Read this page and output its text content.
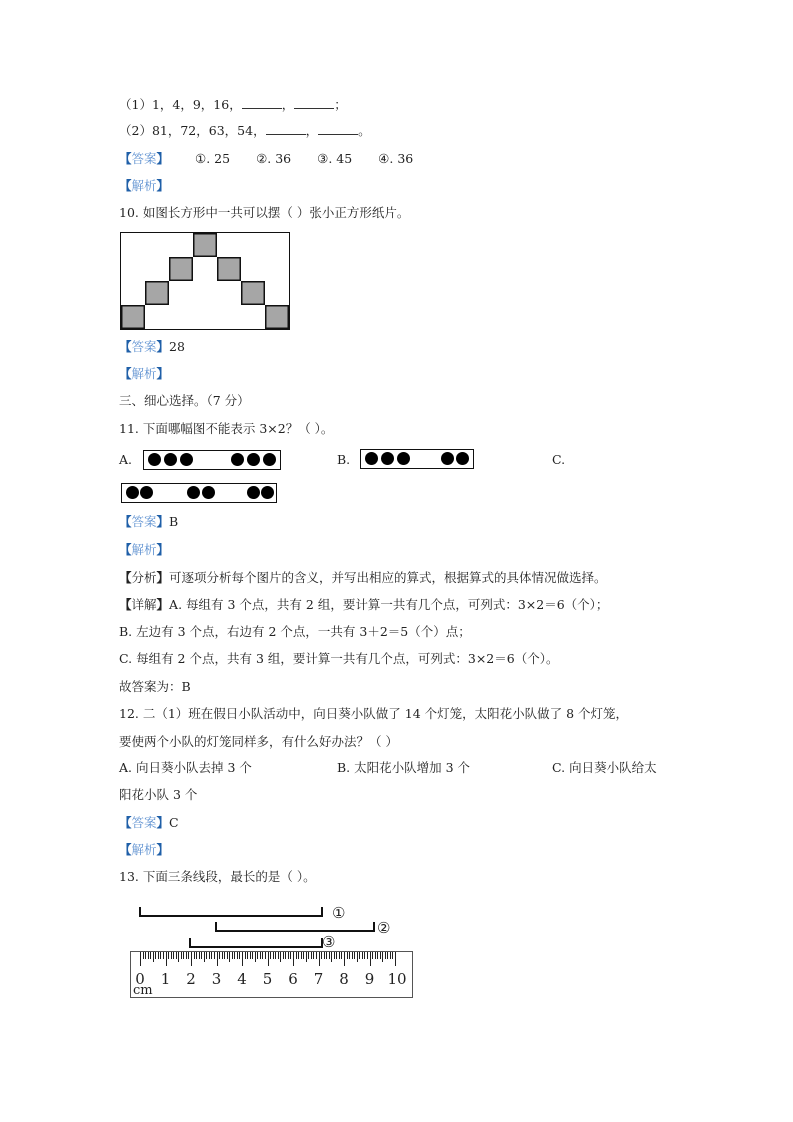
（1）1，4，9，16，	，	；
（2）81，72，63，54，	，	。
【答案】 ①. 25 ②. 36 ③. 45 ④. 36
【解析】
10. 如图长方形中一共可以摆（ ）张小正方形纸片。
【答案】28
【解析】
三、细心选择。（7 分）
11. 下面哪幅图不能表示 3×2？（ ）。
A.	B.	C.
【答案】B
【解析】
【分析】可逐项分析每个图片的含义，并写出相应的算式，根据算式的具体情况做选择。
【详解】A. 每组有 3 个点，共有 2 组，要计算一共有几个点，可列式：3×2＝6（个）；
B. 左边有 3 个点，右边有 2 个点，一共有 3＋2＝5（个）点；
C. 每组有 2 个点，共有 3 组，要计算一共有几个点，可列式：3×2＝6（个）。
故答案为：B
12. 二（1）班在假日小队活动中，向日葵小队做了 14 个灯笼，太阳花小队做了 8 个灯笼，
要使两个小队的灯笼同样多，有什么好办法？（ ）
A. 向日葵小队去掉 3 个	B. 太阳花小队增加 3 个	C. 向日葵小队给太
阳花小队 3 个
【答案】C
【解析】
13. 下面三条线段，最长的是（ ）。
①
②
③
0	1	2	3	4	5	6	7	8	9 10
cm
